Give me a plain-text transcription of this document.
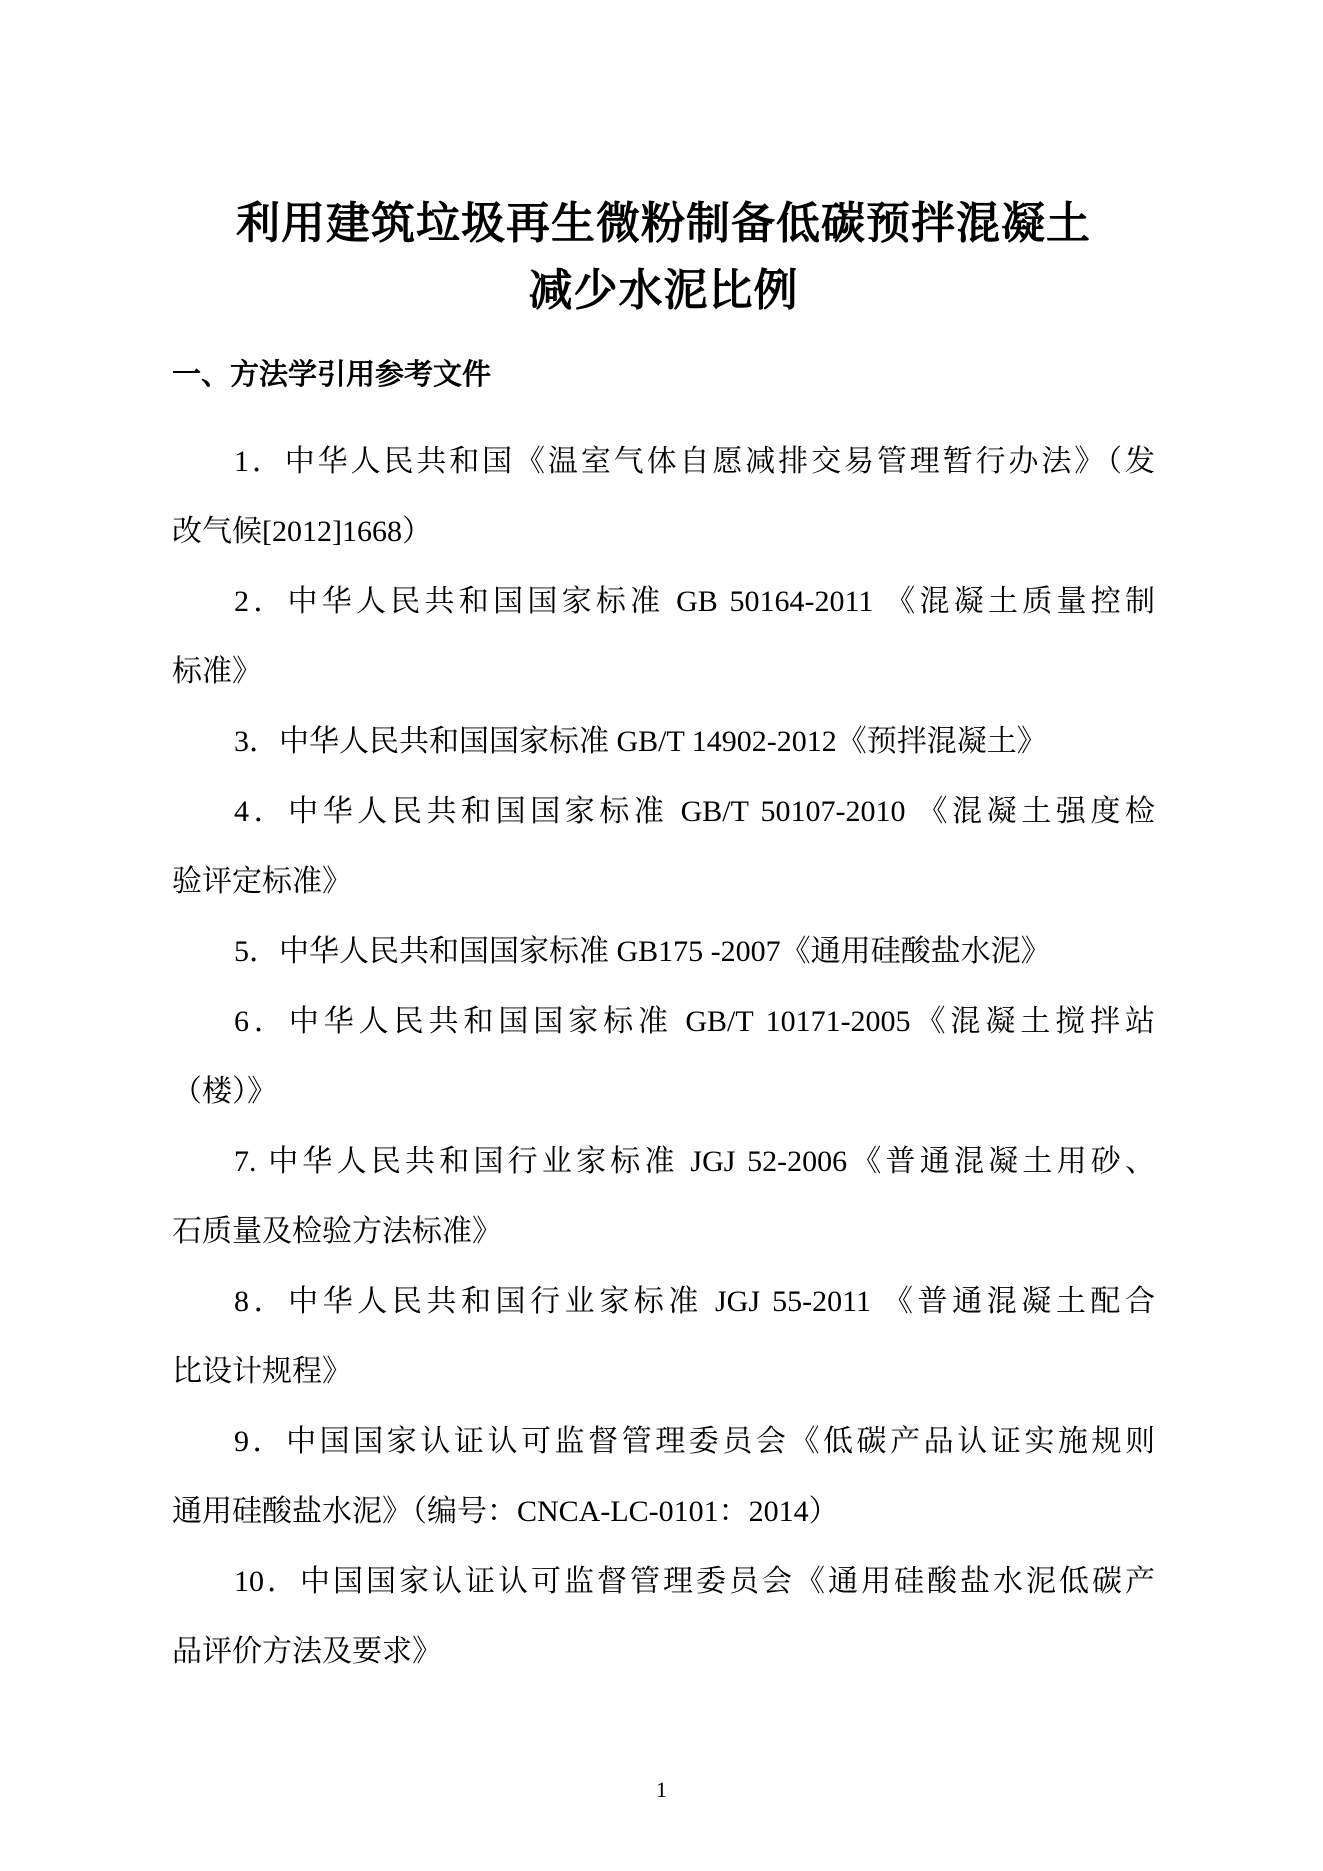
利用建筑垃圾再生微粉制备低碳预拌混凝土
减少水泥比例
一、方法学引用参考文件
1．中华人民共和国《温室气体自愿减排交易管理暂行办法》（发
改气候[2012]1668）
2．中华人民共和国国家标准 GB 50164-2011 《混凝土质量控制
标准》
3．中华人民共和国国家标准 GB/T 14902-2012《预拌混凝土》
4．中华人民共和国国家标准 GB/T 50107-2010 《混凝土强度检
验评定标准》
5．中华人民共和国国家标准 GB175 -2007《通用硅酸盐水泥》
6．中华人民共和国国家标准 GB/T 10171-2005《混凝土搅拌站
（楼）》
7. 中华人民共和国行业家标准 JGJ 52-2006《普通混凝土用砂、
石质量及检验方法标准》
8．中华人民共和国行业家标准 JGJ 55-2011 《普通混凝土配合
比设计规程》
9．中国国家认证认可监督管理委员会《低碳产品认证实施规则
通用硅酸盐水泥》（编号：CNCA-LC-0101：2014）
10．中国国家认证认可监督管理委员会《通用硅酸盐水泥低碳产
品评价方法及要求》
1
